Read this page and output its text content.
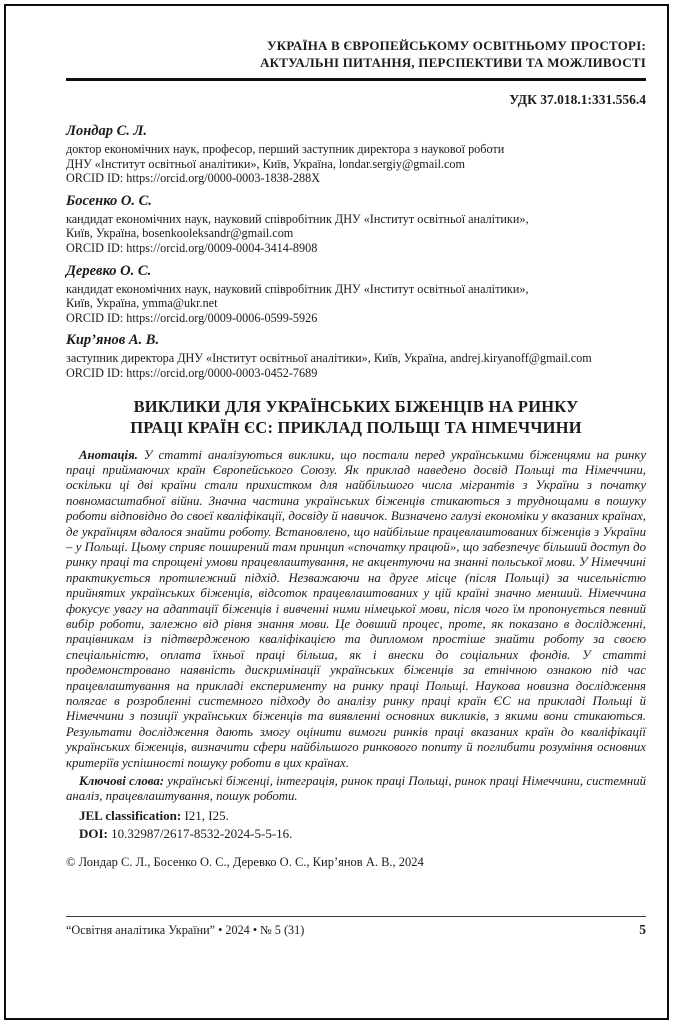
УКРАЇНА В ЄВРОПЕЙСЬКОМУ ОСВІТНЬОМУ ПРОСТОРІ:
АКТУАЛЬНІ ПИТАННЯ, ПЕРСПЕКТИВИ ТА МОЖЛИВОСТІ
УДК 37.018.1:331.556.4
Лондар С. Л.
доктор економічних наук, професор, перший заступник директора з наукової роботи
ДНУ «Інститут освітньої аналітики», Київ, Україна, londar.sergiy@gmail.com
ORCID ID: https://orcid.org/0000-0003-1838-288X
Босенко О. С.
кандидат економічних наук, науковий співробітник ДНУ «Інститут освітньої аналітики»,
Київ, Україна, bosenkooleksandr@gmail.com
ORCID ID: https://orcid.org/0009-0004-3414-8908
Деревко О. С.
кандидат економічних наук, науковий співробітник ДНУ «Інститут освітньої аналітики»,
Київ, Україна, ymma@ukr.net
ORCID ID: https://orcid.org/0009-0006-0599-5926
Кир’янов А. В.
заступник директора ДНУ «Інститут освітньої аналітики», Київ, Україна, andrej.kiryanoff@gmail.com
ORCID ID: https://orcid.org/0000-0003-0452-7689
ВИКЛИКИ ДЛЯ УКРАЇНСЬКИХ БІЖЕНЦІВ НА РИНКУ
ПРАЦІ КРАЇН ЄС: ПРИКЛАД ПОЛЬЩІ ТА НІМЕЧЧИНИ

Анотація. У статті аналізуються виклики, що постали перед українськими біженцями на ринку праці приймаючих країн Європейського Союзу. Як приклад наведено досвід Польщі та Німеччини, оскільки ці дві країни стали прихистком для найбільшого числа мігрантів з України з початку повномасштабної війни. Значна частина українських біженців стикаються з труднощами в пошуку роботи відповідно до своєї кваліфікації, досвіду й навичок. Визначено галузі економіки у вказаних країнах, де українцям вдалося знайти роботу. Встановлено, що найбільше працевлаштованих біженців з України – у Польщі. Цьому сприяє поширений там принцип «спочатку працюй», що забезпечує більший доступ до ринку праці та спрощені умови працевлаштування, не акцентуючи на знанні польської мови. У Німеччині практикується протилежний підхід. Незважаючи на друге місце (після Польщі) за чисельністю прийнятих українських біженців, відсоток працевлаштованих у цій країні значно менший. Німеччина фокусує увагу на адаптації біженців і вивченні ними німецької мови, після чого їм пропонується певний вибір роботи, залежно від рівня знання мови. Це довший процес, проте, як показано в дослідженні, працівникам із підтвердженою кваліфікацією та дипломом простіше знайти роботу за своєю спеціальністю, оплата їхньої праці більша, як і внески до соціальних фондів. У статті продемонстровано наявність дискримінації українських біженців за етнічною ознакою під час працевлаштування на прикладі експерименту на ринку праці Польщі. Наукова новизна дослідження полягає в розробленні системного підходу до аналізу ринку праці країн ЄС на прикладі Польщі й Німеччини з позиції українських біженців та виявленні основних викликів, з якими вони стикаються. Результати дослідження дають змогу оцінити вимоги ринків праці вказаних країн до кваліфікації українських біженців, визначити сфери найбільшого ринкового попиту й поглибити розуміння основних критеріїв успішності пошуку роботи в цих країнах.

Ключові слова: українські біженці, інтеграція, ринок праці Польщі, ринок праці Німеччини, системний аналіз, працевлаштування, пошук роботи.

JEL classification: I21, I25.

DOI: 10.32987/2617-8532-2024-5-5-16.

© Лондар С. Л., Босенко О. С., Деревко О. С., Кир’янов А. В., 2024

“Освітня аналітика України” • 2024 • № 5 (31)	5
